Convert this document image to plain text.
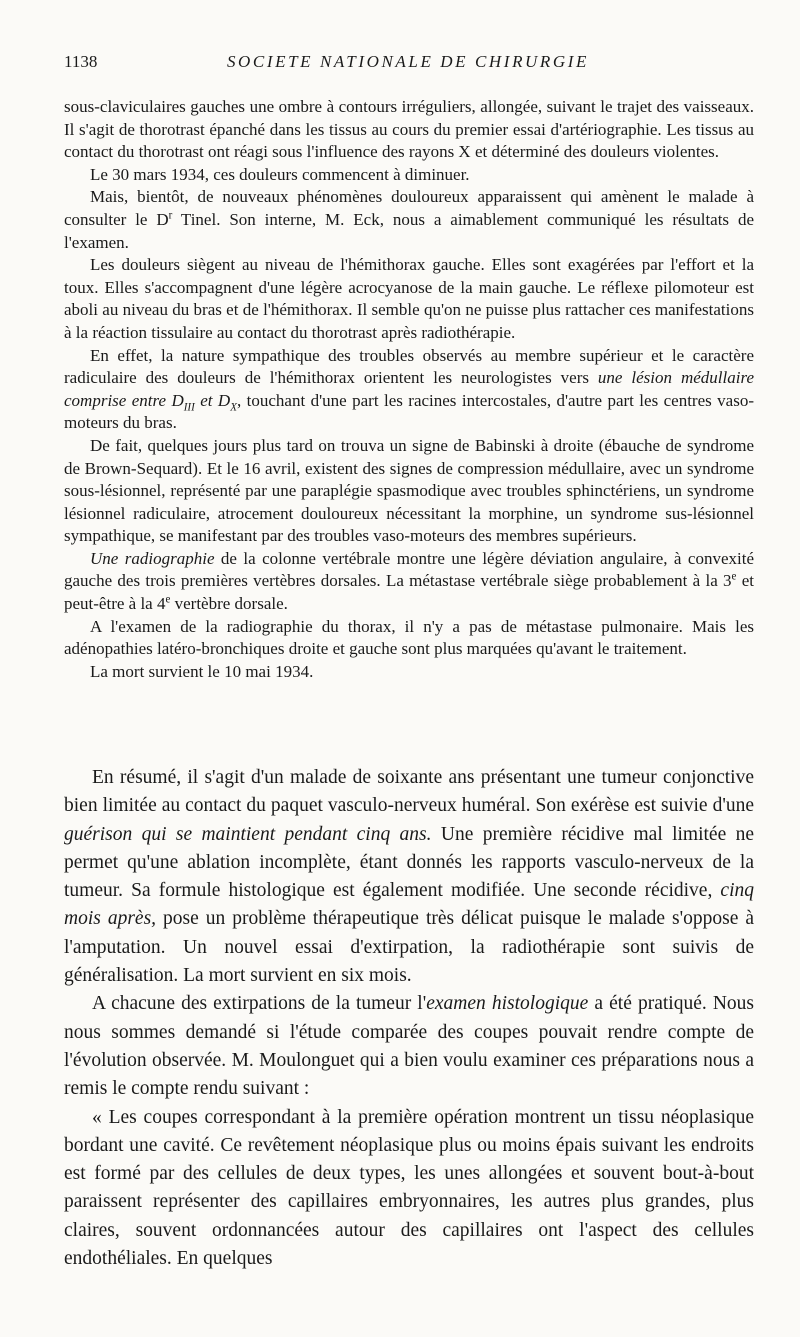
1138	SOCIETE NATIONALE DE CHIRURGIE

sous-claviculaires gauches une ombre à contours irréguliers, allongée, suivant le trajet des vaisseaux. Il s'agit de thorotrast épanché dans les tissus au cours du premier essai d'artériographie. Les tissus au contact du thorotrast ont réagi sous l'influence des rayons X et déterminé des douleurs violentes.

Le 30 mars 1934, ces douleurs commencent à diminuer.

Mais, bientôt, de nouveaux phénomènes douloureux apparaissent qui amènent le malade à consulter le $D^r$ Tinel. Son interne, M. Eck, nous a aimablement communiqué les résultats de l'examen.

Les douleurs siègent au niveau de l'hémithorax gauche. Elles sont exagérées par l'effort et la toux. Elles s'accompagnent d'une légère acrocyanose de la main gauche. Le réflexe pilomoteur est aboli au niveau du bras et de l'hémithorax. Il semble qu'on ne puisse plus rattacher ces manifestations à la réaction tissulaire au contact du thorotrast après radiothérapie.

En effet, la nature sympathique des troubles observés au membre supérieur et le caractère radiculaire des douleurs de l'hémithorax orientent les neurologistes vers une lésion médullaire comprise entre $D_{III}$ et $D_X$, touchant d'une part les racines intercostales, d'autre part les centres vaso-moteurs du bras.

De fait, quelques jours plus tard on trouva un signe de Babinski à droite (ébauche de syndrome de Brown-Sequard). Et le 16 avril, existent des signes de compression médullaire, avec un syndrome sous-lésionnel, représenté par une paraplégie spasmodique avec troubles sphinctériens, un syndrome lésionnel radiculaire, atrocement douloureux nécessitant la morphine, un syndrome sus-lésionnel sympathique, se manifestant par des troubles vaso-moteurs des membres supérieurs.

Une radiographie de la colonne vertébrale montre une légère déviation angulaire, à convexité gauche des trois premières vertèbres dorsales. La métastase vertébrale siège probablement à la 3e et peut-être à la 4e vertèbre dorsale.

A l'examen de la radiographie du thorax, il n'y a pas de métastase pulmonaire. Mais les adénopathies latéro-bronchiques droite et gauche sont plus marquées qu'avant le traitement.

La mort survient le 10 mai 1934.

En résumé, il s'agit d'un malade de soixante ans présentant une tumeur conjonctive bien limitée au contact du paquet vasculo-nerveux huméral. Son exérèse est suivie d'une guérison qui se maintient pendant cinq ans. Une première récidive mal limitée ne permet qu'une ablation incomplète, étant donnés les rapports vasculo-nerveux de la tumeur. Sa formule histologique est également modifiée. Une seconde récidive, cinq mois après, pose un problème thérapeutique très délicat puisque le malade s'oppose à l'amputation. Un nouvel essai d'extirpation, la radiothérapie sont suivis de généralisation. La mort survient en six mois.

A chacune des extirpations de la tumeur l'examen histologique a été pratiqué. Nous nous sommes demandé si l'étude comparée des coupes pouvait rendre compte de l'évolution observée. M. Moulonguet qui a bien voulu examiner ces préparations nous a remis le compte rendu suivant :

« Les coupes correspondant à la première opération montrent un tissu néoplasique bordant une cavité. Ce revêtement néoplasique plus ou moins épais suivant les endroits est formé par des cellules de deux types, les unes allongées et souvent bout-à-bout paraissent représenter des capillaires embryonnaires, les autres plus grandes, plus claires, souvent ordonnancées autour des capillaires ont l'aspect des cellules endothéliales. En quelques
